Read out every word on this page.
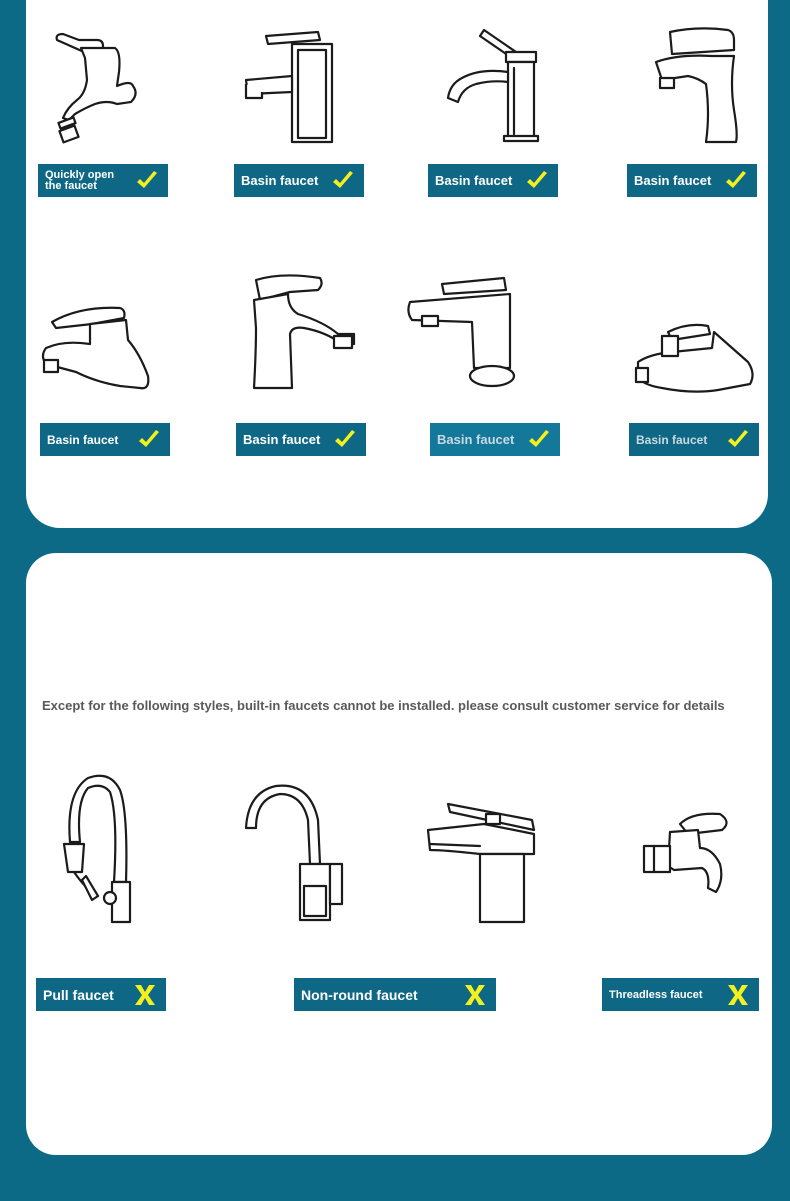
Quickly open the faucet	Basin faucet	Basin faucet	Basin faucet
Basin faucet	Basin faucet	Basin faucet	Basin faucet
Except for the following styles, built-in faucets cannot be installed. please consult customer service for details
Pull faucet	Non-round faucet	Threadless faucet
